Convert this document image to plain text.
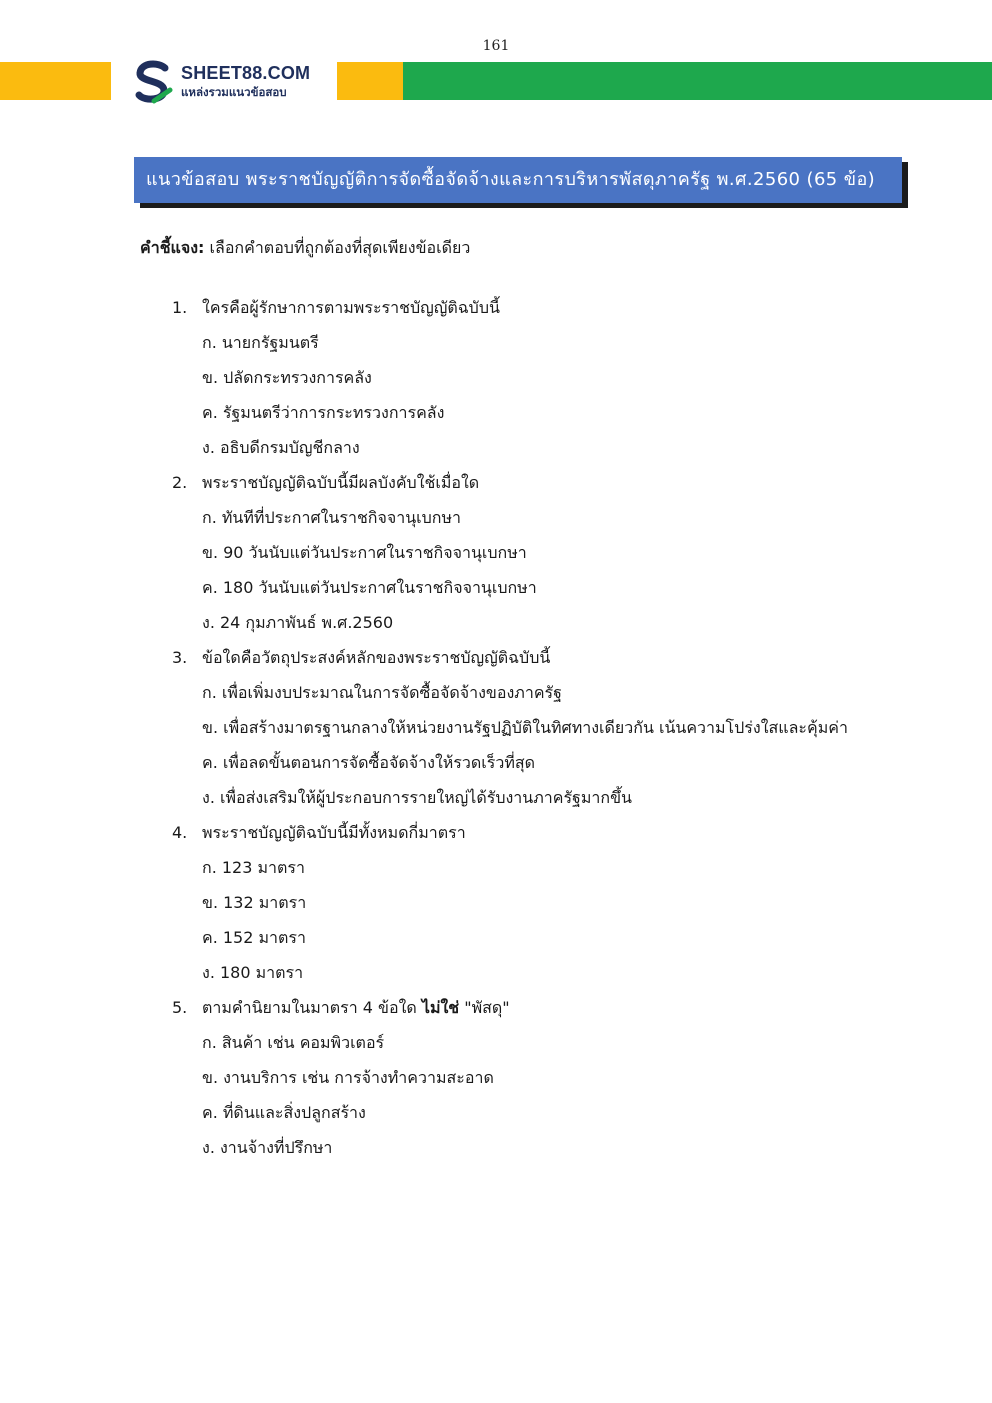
161
SHEET88.COM
แหล่งรวมแนวข้อสอบ
แนวข้อสอบ พระราชบัญญัติการจัดซื้อจัดจ้างและการบริหารพัสดุภาครัฐ พ.ศ.2560 (65 ข้อ)
คำชี้แจง: เลือกคำตอบที่ถูกต้องที่สุดเพียงข้อเดียว
1. ใครคือผู้รักษาการตามพระราชบัญญัติฉบับนี้
ก. นายกรัฐมนตรี
ข. ปลัดกระทรวงการคลัง
ค. รัฐมนตรีว่าการกระทรวงการคลัง
ง. อธิบดีกรมบัญชีกลาง
2. พระราชบัญญัติฉบับนี้มีผลบังคับใช้เมื่อใด
ก. ทันทีที่ประกาศในราชกิจจานุเบกษา
ข. 90 วันนับแต่วันประกาศในราชกิจจานุเบกษา
ค. 180 วันนับแต่วันประกาศในราชกิจจานุเบกษา
ง. 24 กุมภาพันธ์ พ.ศ.2560
3. ข้อใดคือวัตถุประสงค์หลักของพระราชบัญญัติฉบับนี้
ก. เพื่อเพิ่มงบประมาณในการจัดซื้อจัดจ้างของภาครัฐ
ข. เพื่อสร้างมาตรฐานกลางให้หน่วยงานรัฐปฏิบัติในทิศทางเดียวกัน เน้นความโปร่งใสและคุ้มค่า
ค. เพื่อลดขั้นตอนการจัดซื้อจัดจ้างให้รวดเร็วที่สุด
ง. เพื่อส่งเสริมให้ผู้ประกอบการรายใหญ่ได้รับงานภาครัฐมากขึ้น
4. พระราชบัญญัติฉบับนี้มีทั้งหมดกี่มาตรา
ก. 123 มาตรา
ข. 132 มาตรา
ค. 152 มาตรา
ง. 180 มาตรา
5. ตามคำนิยามในมาตรา 4 ข้อใด ไม่ใช่ "พัสดุ"
ก. สินค้า เช่น คอมพิวเตอร์
ข. งานบริการ เช่น การจ้างทำความสะอาด
ค. ที่ดินและสิ่งปลูกสร้าง
ง. งานจ้างที่ปรึกษา
